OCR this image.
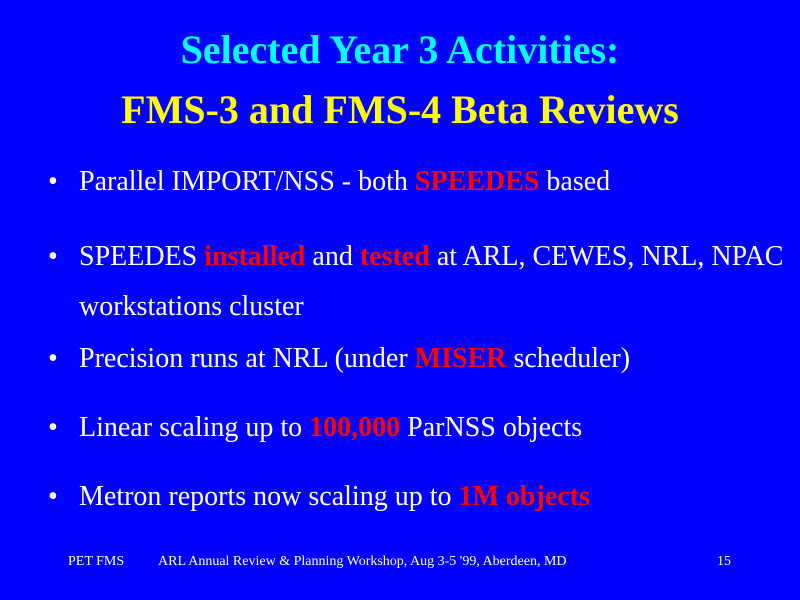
Selected Year 3 Activities:
FMS-3 and FMS-4 Beta Reviews
• Parallel IMPORT/NSS - both SPEEDES based
• SPEEDES installed and tested at ARL, CEWES, NRL, NPAC workstations cluster
• Precision runs at NRL (under MISER scheduler)
• Linear scaling up to 100,000 ParNSS objects
• Metron reports now scaling up to 1M objects
PET FMS ARL Annual Review & Planning Workshop, Aug 3-5 '99, Aberdeen, MD	15
